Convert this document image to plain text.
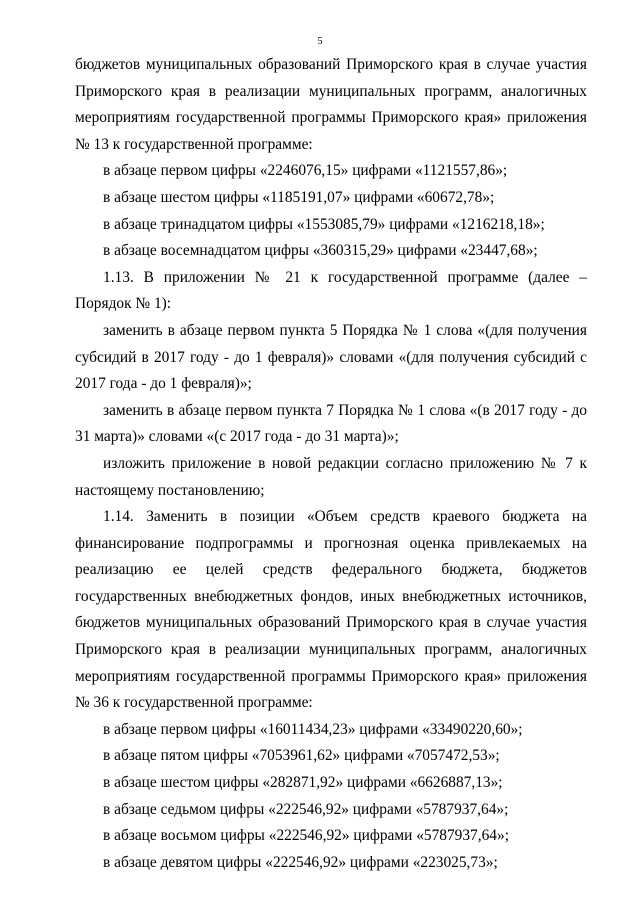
5
бюджетов муниципальных образований Приморского края в случае участия
Приморского края в реализации муниципальных программ, аналогичных
мероприятиям государственной программы Приморского края» приложения
№ 13 к государственной программе:
в абзаце первом цифры «2246076,15» цифрами «1121557,86»;
в абзаце шестом цифры «1185191,07» цифрами «60672,78»;
в абзаце тринадцатом цифры «1553085,79» цифрами «1216218,18»;
в абзаце восемнадцатом цифры «360315,29» цифрами «23447,68»;
1.13. В приложении № 21 к государственной программе (далее –
Порядок № 1):
заменить в абзаце первом пункта 5 Порядка № 1 слова «(для получения
субсидий в 2017 году - до 1 февраля)» словами «(для получения субсидий с
2017 года - до 1 февраля)»;
заменить в абзаце первом пункта 7 Порядка № 1 слова «(в 2017 году - до
31 марта)» словами «(с 2017 года - до 31 марта)»;
изложить приложение в новой редакции согласно приложению № 7 к
настоящему постановлению;
1.14. Заменить в позиции «Объем средств краевого бюджета на
финансирование подпрограммы и прогнозная оценка привлекаемых на
реализацию ее целей средств федерального бюджета, бюджетов
государственных внебюджетных фондов, иных внебюджетных источников,
бюджетов муниципальных образований Приморского края в случае участия
Приморского края в реализации муниципальных программ, аналогичных
мероприятиям государственной программы Приморского края» приложения
№ 36 к государственной программе:
в абзаце первом цифры «16011434,23» цифрами «33490220,60»;
в абзаце пятом цифры «7053961,62» цифрами «7057472,53»;
в абзаце шестом цифры «282871,92» цифрами «6626887,13»;
в абзаце седьмом цифры «222546,92» цифрами «5787937,64»;
в абзаце восьмом цифры «222546,92» цифрами «5787937,64»;
в абзаце девятом цифры «222546,92» цифрами «223025,73»;
